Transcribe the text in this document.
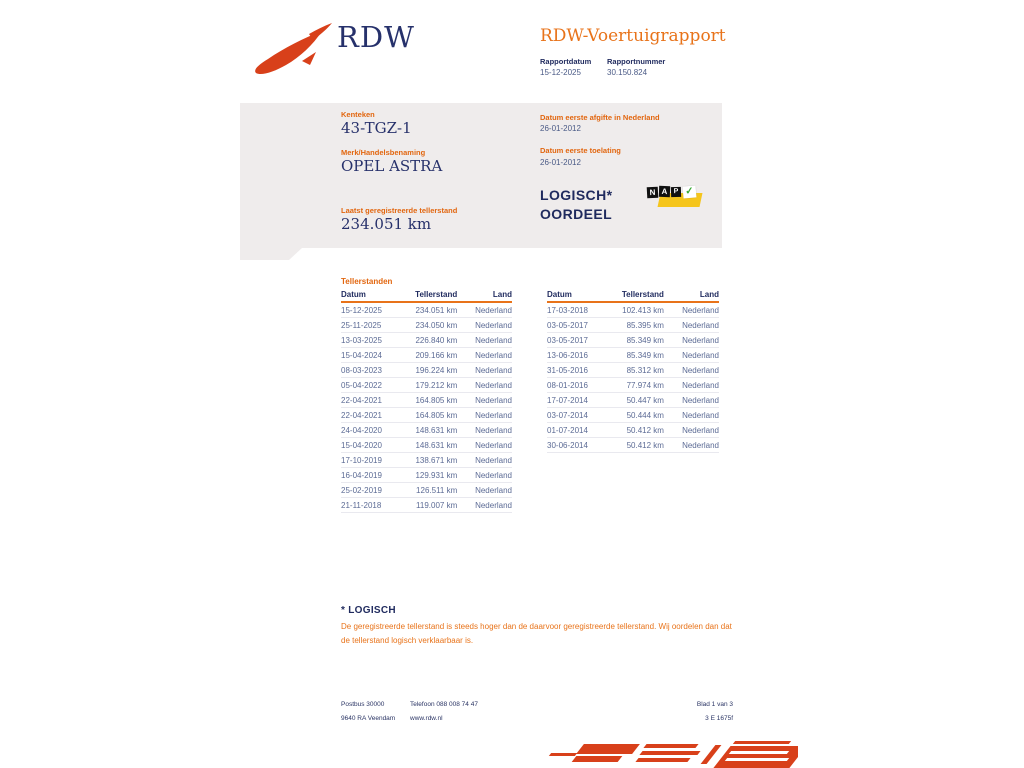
RDW	RDW-Voertuigrapport
Rapportdatum Rapportnummer
15-12-2025	30.150.824
Kenteken
43-TGZ-1
Merk/Handelsbenaming
OPEL ASTRA
Laatst geregistreerde tellerstand
234.051 km
Datum eerste afgifte in Nederland
26-01-2012
Datum eerste toelating
26-01-2012
LOGISCH*
OORDEEL
N A P ✓
Tellerstanden
Datum	Tellerstand	Land
15-12-2025	234.051 km	Nederland
25-11-2025	234.050 km	Nederland
13-03-2025	226.840 km	Nederland
15-04-2024	209.166 km	Nederland
08-03-2023	196.224 km	Nederland
05-04-2022	179.212 km	Nederland
22-04-2021	164.805 km	Nederland
22-04-2021	164.805 km	Nederland
24-04-2020	148.631 km	Nederland
15-04-2020	148.631 km	Nederland
17-10-2019	138.671 km	Nederland
16-04-2019	129.931 km	Nederland
25-02-2019	126.511 km	Nederland
21-11-2018	119.007 km	Nederland
Datum	Tellerstand	Land
17-03-2018	102.413 km	Nederland
03-05-2017	85.395 km	Nederland
03-05-2017	85.349 km	Nederland
13-06-2016	85.349 km	Nederland
31-05-2016	85.312 km	Nederland
08-01-2016	77.974 km	Nederland
17-07-2014	50.447 km	Nederland
03-07-2014	50.444 km	Nederland
01-07-2014	50.412 km	Nederland
30-06-2014	50.412 km	Nederland
* LOGISCH
De geregistreerde tellerstand is steeds hoger dan de daarvoor geregistreerde tellerstand. Wij oordelen dan dat de tellerstand logisch verklaarbaar is.
Postbus 30000
9640 RA Veendam
Telefoon 088 008 74 47
www.rdw.nl
Blad 1 van 3
3 E 1675f
